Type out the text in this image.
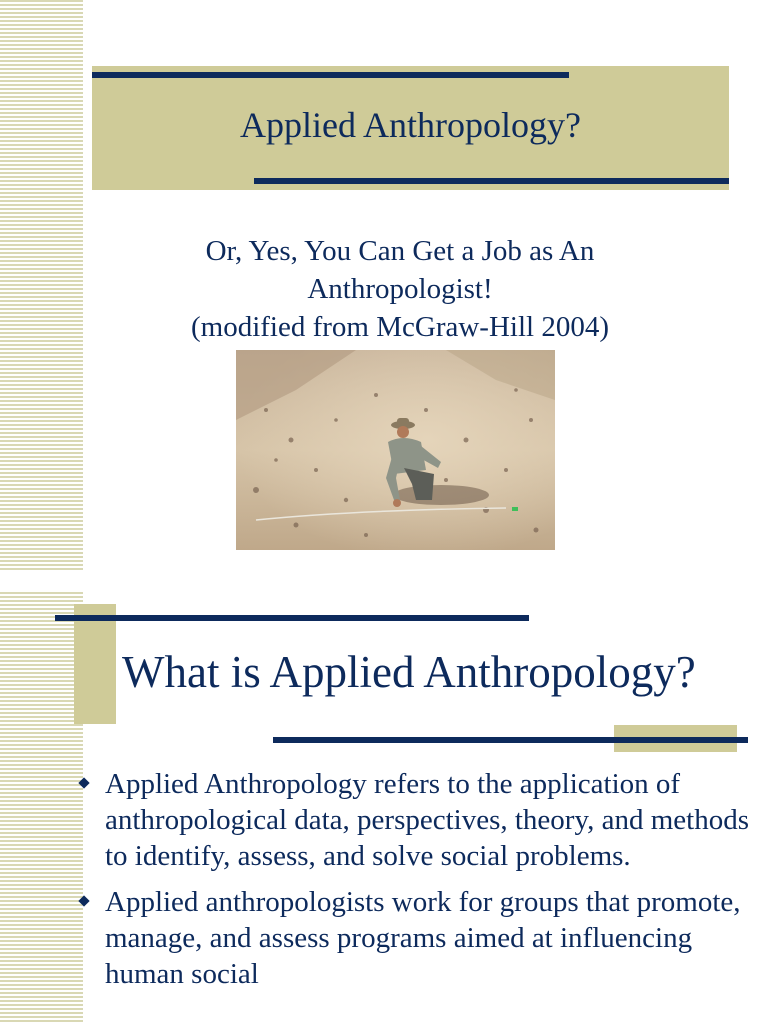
Applied Anthropology?
Or, Yes, You Can Get a Job as An
Anthropologist!
(modified from McGraw-Hill 2004)
What is Applied Anthropology?
Applied Anthropology refers to the application of anthropological data, perspectives, theory, and methods to identify, assess, and solve social problems.
Applied anthropologists work for groups that promote, manage, and assess programs aimed at influencing human social
